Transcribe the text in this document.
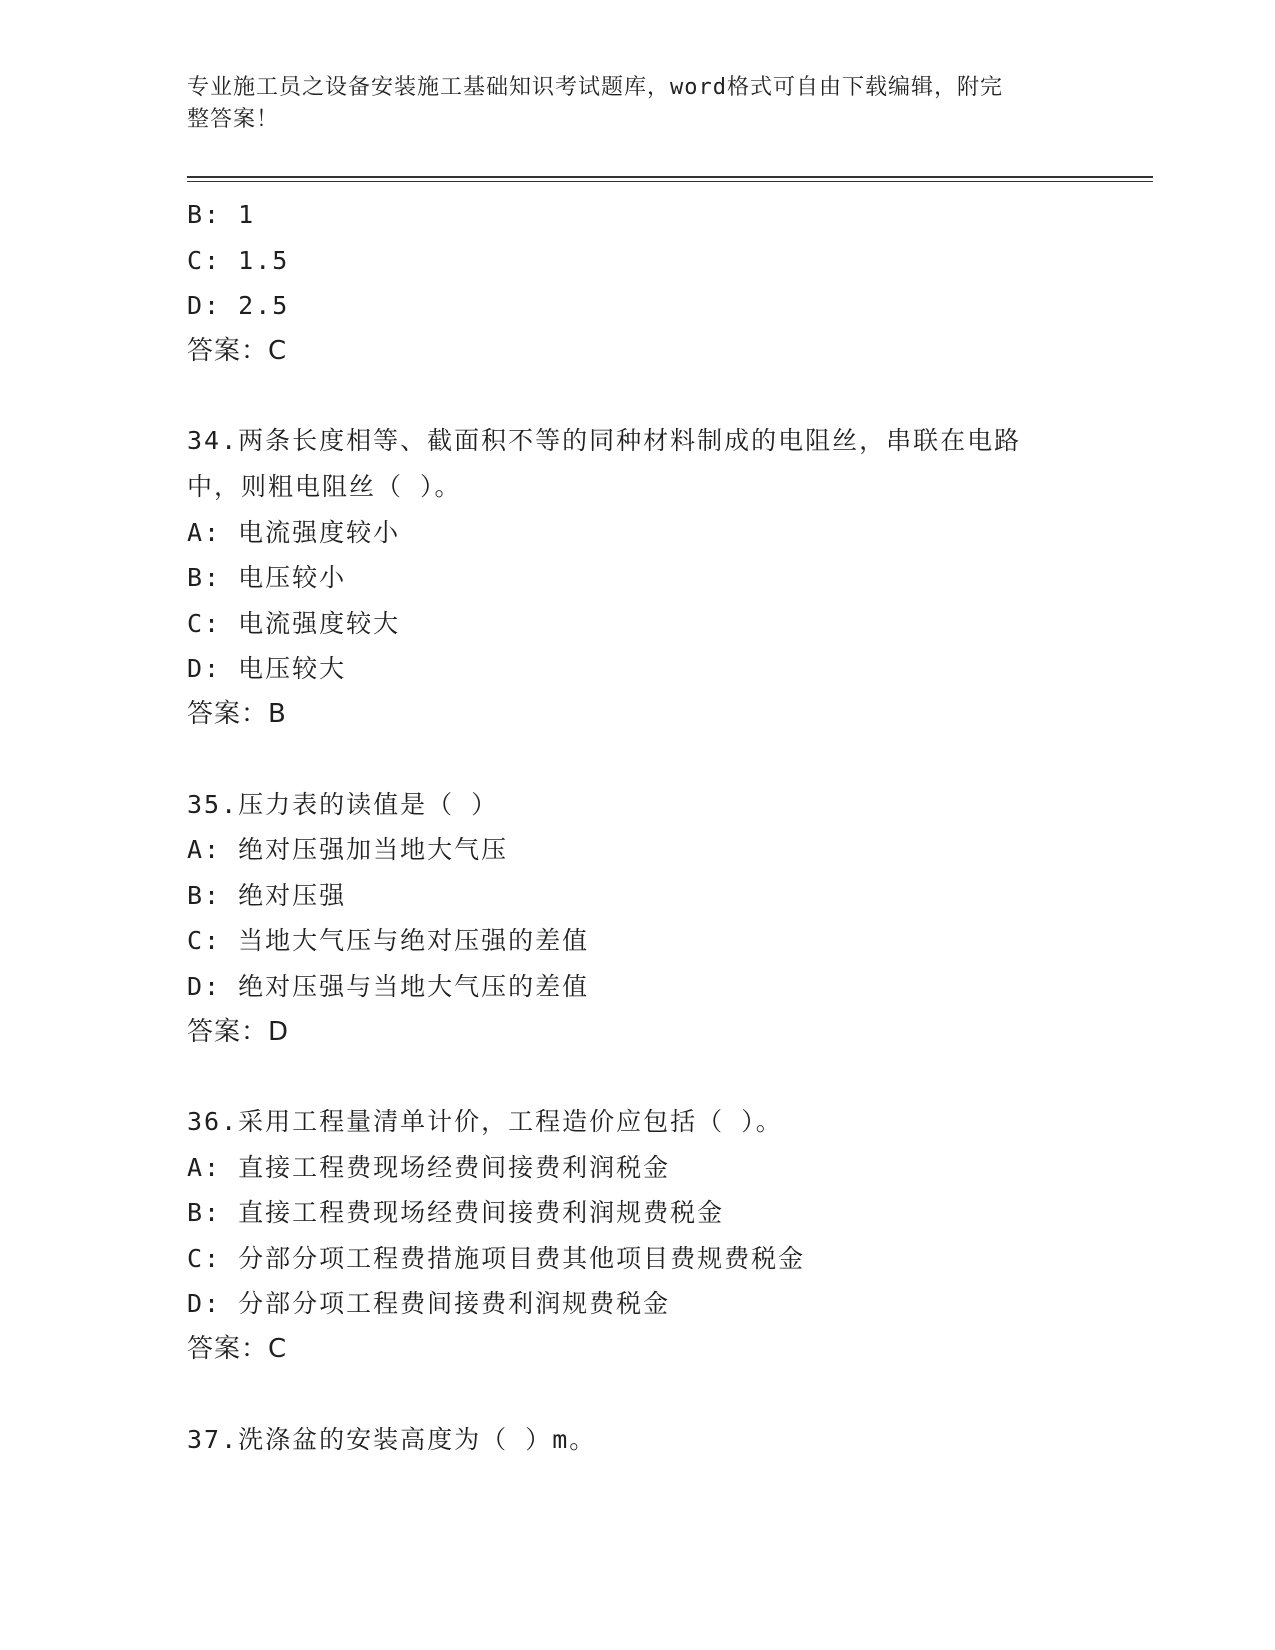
专业施工员之设备安装施工基础知识考试题库，word格式可自由下载编辑，附完
整答案！
B: 1
C: 1.5
D: 2.5
答案：C
34.两条长度相等、截面积不等的同种材料制成的电阻丝，串联在电路
中，则粗电阻丝（ ）。
A: 电流强度较小
B: 电压较小
C: 电流强度较大
D: 电压较大
答案：B
35.压力表的读值是（ ）
A: 绝对压强加当地大气压
B: 绝对压强
C: 当地大气压与绝对压强的差值
D: 绝对压强与当地大气压的差值
答案：D
36.采用工程量清单计价，工程造价应包括（ ）。
A: 直接工程费现场经费间接费利润税金
B: 直接工程费现场经费间接费利润规费税金
C: 分部分项工程费措施项目费其他项目费规费税金
D: 分部分项工程费间接费利润规费税金
答案：C
37.洗涤盆的安装高度为（ ）m。
